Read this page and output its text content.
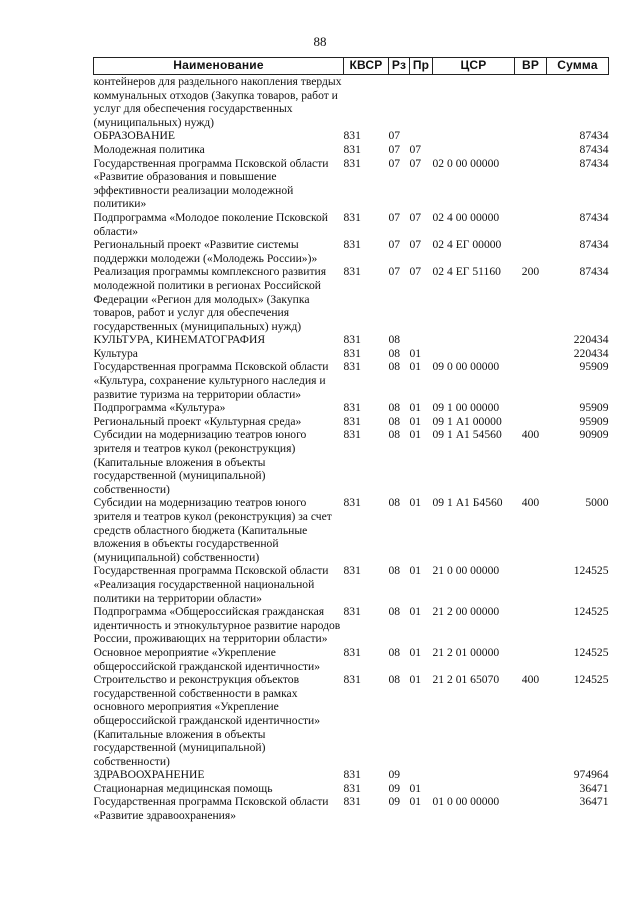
88
Наименование	КВСР	Рз	Пр	ЦСР	ВР	Сумма
контейнеров для раздельного накопления твердых коммунальных отходов (Закупка товаров, работ и услуг для обеспечения государственных (муниципальных) нужд)						
ОБРАЗОВАНИЕ	831	07				87434
Молодежная политика	831	07	07			87434
Государственная программа Псковской области «Развитие образования и повышение эффективности реализации молодежной политики»	831	07	07	02 0 00 00000		87434
Подпрограмма «Молодое поколение Псковской области»	831	07	07	02 4 00 00000		87434
Региональный проект «Развитие системы поддержки молодежи («Молодежь России»)»	831	07	07	02 4 ЕГ 00000		87434
Реализация программы комплексного развития молодежной политики в регионах Российской Федерации «Регион для молодых» (Закупка товаров, работ и услуг для обеспечения государственных (муниципальных) нужд)	831	07	07	02 4 ЕГ 51160	200	87434
КУЛЬТУРА, КИНЕМАТОГРАФИЯ	831	08				220434
Культура	831	08	01			220434
Государственная программа Псковской области «Культура, сохранение культурного наследия и развитие туризма на территории области»	831	08	01	09 0 00 00000		95909
Подпрограмма «Культура»	831	08	01	09 1 00 00000		95909
Региональный проект «Культурная среда»	831	08	01	09 1 А1 00000		95909
Субсидии на модернизацию театров юного зрителя и театров кукол (реконструкция) (Капитальные вложения в объекты государственной (муниципальной) собственности)	831	08	01	09 1 А1 54560	400	90909
Субсидии на модернизацию театров юного зрителя и театров кукол (реконструкция) за счет средств областного бюджета (Капитальные вложения в объекты государственной (муниципальной) собственности)	831	08	01	09 1 А1 Б4560	400	5000
Государственная программа Псковской области «Реализация государственной национальной политики на территории области»	831	08	01	21 0 00 00000		124525
Подпрограмма «Общероссийская гражданская идентичность и этнокультурное развитие народов России, проживающих на территории области»	831	08	01	21 2 00 00000		124525
Основное мероприятие «Укрепление общероссийской гражданской идентичности»	831	08	01	21 2 01 00000		124525
Строительство и реконструкция объектов государственной собственности в рамках основного мероприятия «Укрепление общероссийской гражданской идентичности» (Капитальные вложения в объекты государственной (муниципальной) собственности)	831	08	01	21 2 01 65070	400	124525
ЗДРАВООХРАНЕНИЕ	831	09				974964
Стационарная медицинская помощь	831	09	01			36471
Государственная программа Псковской области «Развитие здравоохранения»	831	09	01	01 0 00 00000		36471
